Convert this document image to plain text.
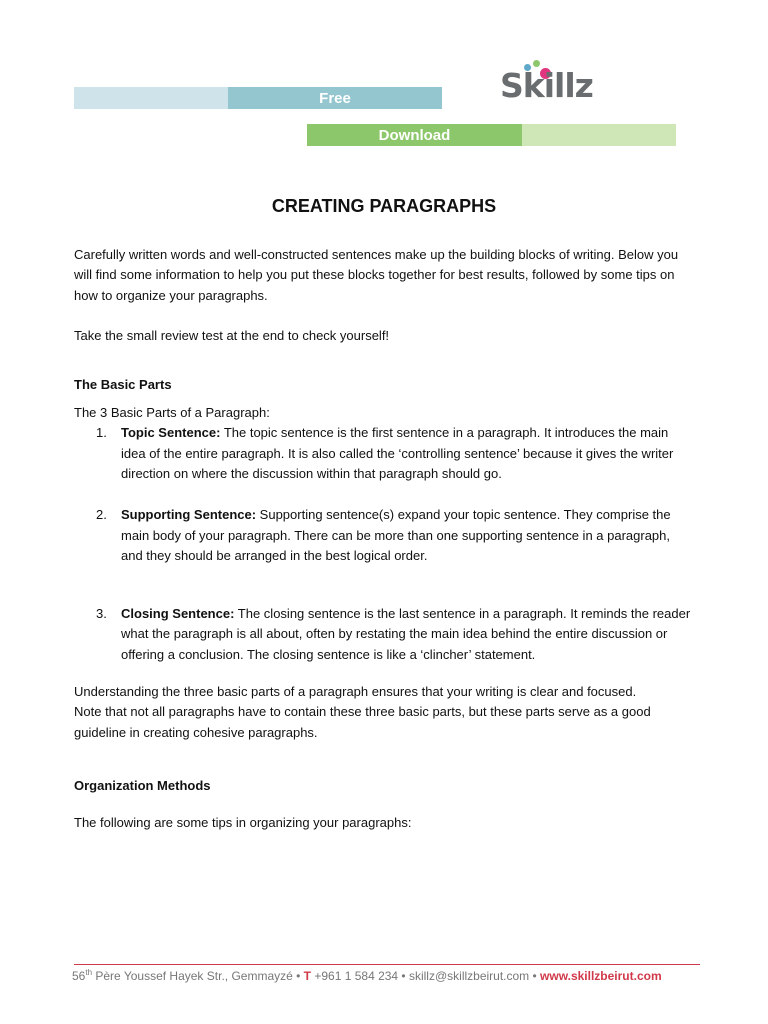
Free
Download
Skillz
CREATING PARAGRAPHS

Carefully written words and well-constructed sentences make up the building blocks of writing. Below you will find some information to help you put these blocks together for best results, followed by some tips on how to organize your paragraphs.

Take the small review test at the end to check yourself!

The Basic Parts

The 3 Basic Parts of a Paragraph:

1. Topic Sentence: The topic sentence is the first sentence in a paragraph. It introduces the main idea of the entire paragraph. It is also called the ‘controlling sentence’ because it gives the writer direction on where the discussion within that paragraph should go.
2. Supporting Sentence: Supporting sentence(s) expand your topic sentence. They comprise the main body of your paragraph. There can be more than one supporting sentence in a paragraph, and they should be arranged in the best logical order.
3. Closing Sentence: The closing sentence is the last sentence in a paragraph. It reminds the reader what the paragraph is all about, often by restating the main idea behind the entire discussion or offering a conclusion. The closing sentence is like a ‘clincher’ statement.

Understanding the three basic parts of a paragraph ensures that your writing is clear and focused.

Note that not all paragraphs have to contain these three basic parts, but these parts serve as a good guideline in creating cohesive paragraphs.

Organization Methods

The following are some tips in organizing your paragraphs:

56th Père Youssef Hayek Str., Gemmayzé • T +961 1 584 234 • skillz@skillzbeirut.com • www.skillzbeirut.com
